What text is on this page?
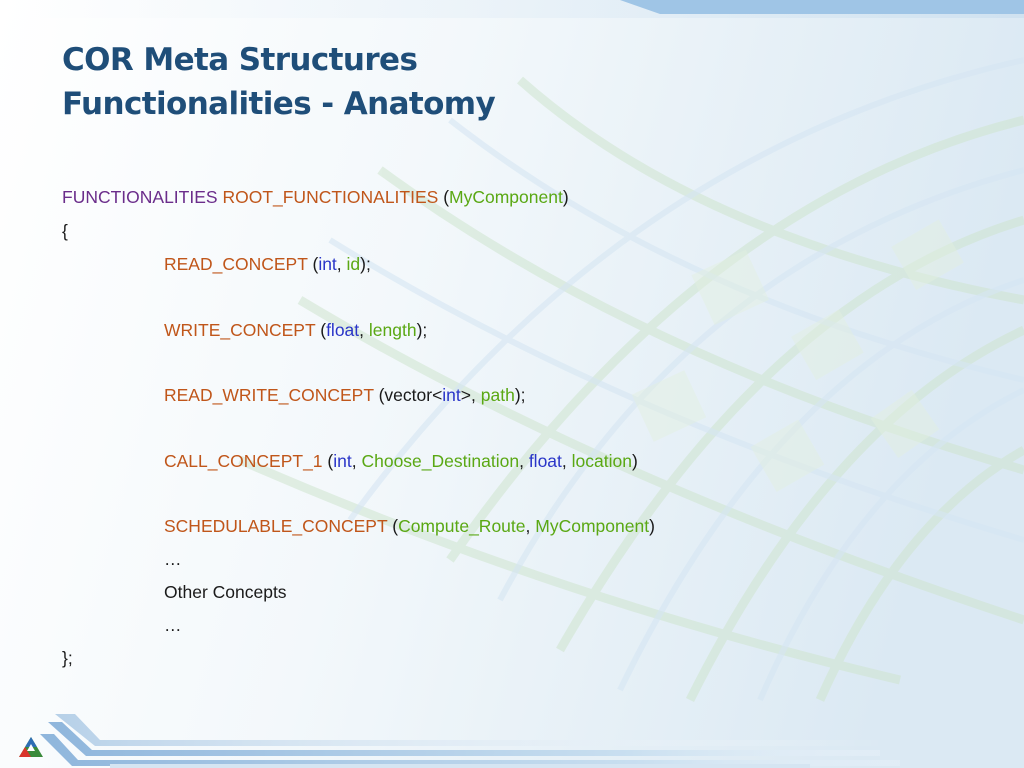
COR Meta Structures
Functionalities - Anatomy
FUNCTIONALITIES ROOT_FUNCTIONALITIES (MyComponent)
{
READ_CONCEPT (int, id);
WRITE_CONCEPT (float, length);
READ_WRITE_CONCEPT (vector<int>, path);
CALL_CONCEPT_1 (int, Choose_Destination, float, location)
SCHEDULABLE_CONCEPT (Compute_Route, MyComponent)
…
Other Concepts
…
};
